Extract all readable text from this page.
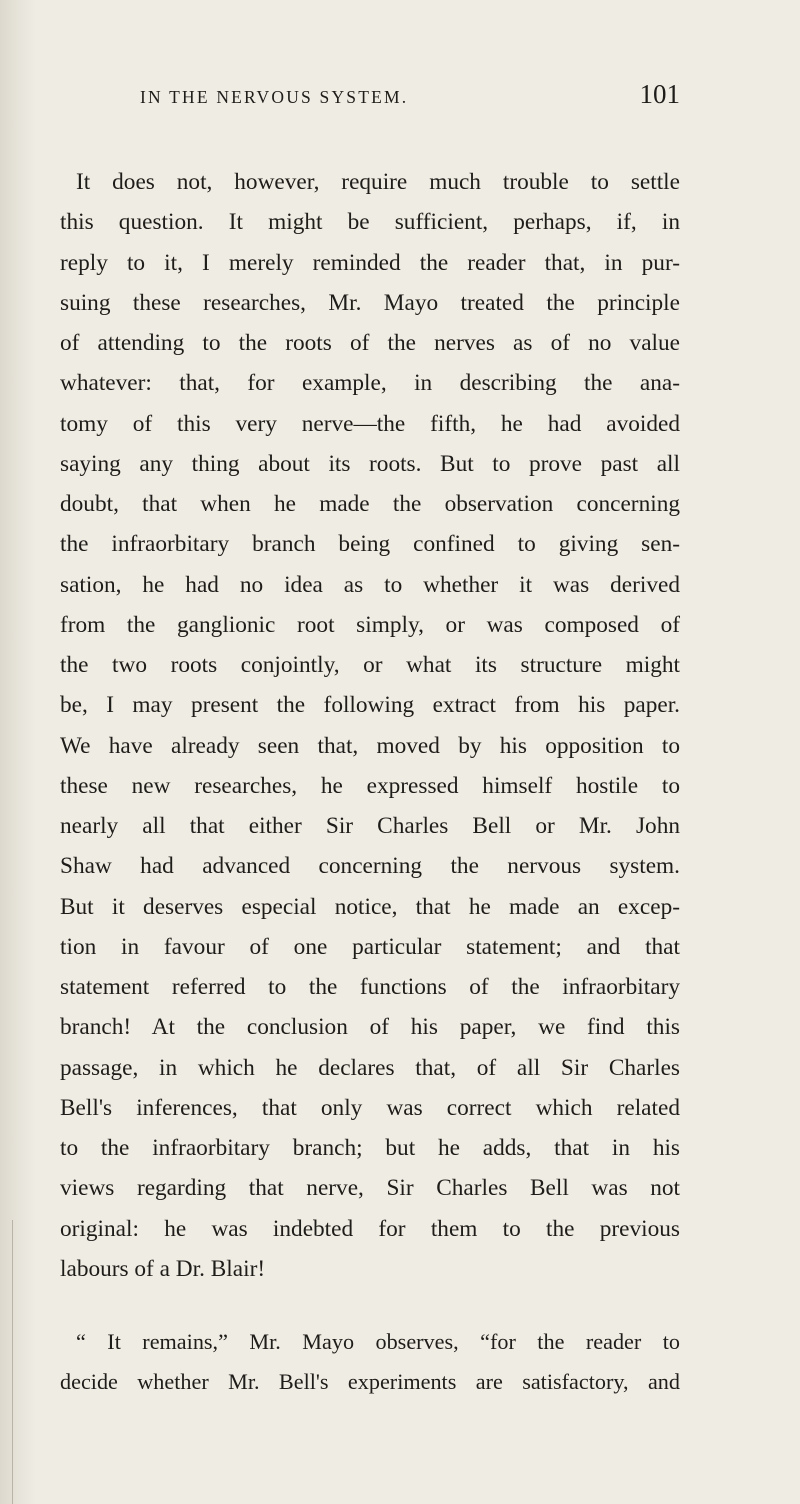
IN THE NERVOUS SYSTEM.	101
It does not, however, require much trouble to settle
this question. It might be sufficient, perhaps, if, in
reply to it, I merely reminded the reader that, in pur-
suing these researches, Mr. Mayo treated the principle
of attending to the roots of the nerves as of no value
whatever: that, for example, in describing the ana-
tomy of this very nerve—the fifth, he had avoided
saying any thing about its roots. But to prove past all
doubt, that when he made the observation concerning
the infraorbitary branch being confined to giving sen-
sation, he had no idea as to whether it was derived
from the ganglionic root simply, or was composed of
the two roots conjointly, or what its structure might
be, I may present the following extract from his paper.
We have already seen that, moved by his opposition to
these new researches, he expressed himself hostile to
nearly all that either Sir Charles Bell or Mr. John
Shaw had advanced concerning the nervous system.
But it deserves especial notice, that he made an excep-
tion in favour of one particular statement; and that
statement referred to the functions of the infraorbitary
branch! At the conclusion of his paper, we find this
passage, in which he declares that, of all Sir Charles
Bell's inferences, that only was correct which related
to the infraorbitary branch; but he adds, that in his
views regarding that nerve, Sir Charles Bell was not
original: he was indebted for them to the previous
labours of a Dr. Blair!
“ It remains,” Mr. Mayo observes, “for the reader to
decide whether Mr. Bell's experiments are satisfactory, and
